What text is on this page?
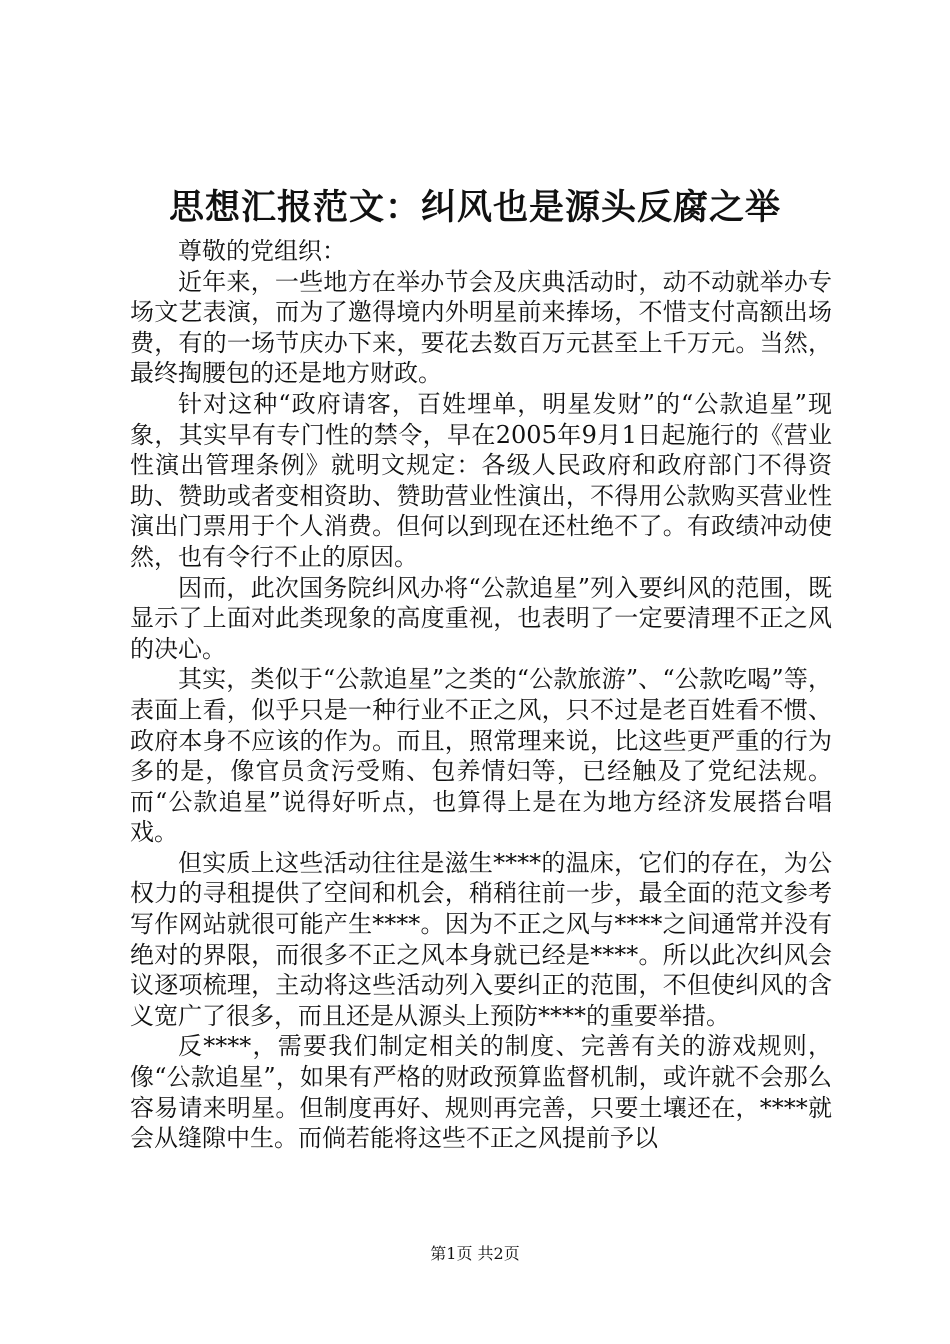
思想汇报范文：纠风也是源头反腐之举

尊敬的党组织：

近年来，一些地方在举办节会及庆典活动时，动不动就举办专场文艺表演，而为了邀得境内外明星前来捧场，不惜支付高额出场费，有的一场节庆办下来，要花去数百万元甚至上千万元。当然，最终掏腰包的还是地方财政。

针对这种“政府请客，百姓埋单，明星发财”的“公款追星”现象，其实早有专门性的禁令，早在2005年9月1日起施行的《营业性演出管理条例》就明文规定：各级人民政府和政府部门不得资助、赞助或者变相资助、赞助营业性演出，不得用公款购买营业性演出门票用于个人消费。但何以到现在还杜绝不了。有政绩冲动使然，也有令行不止的原因。

因而，此次国务院纠风办将“公款追星”列入要纠风的范围，既显示了上面对此类现象的高度重视，也表明了一定要清理不正之风的决心。

其实，类似于“公款追星”之类的“公款旅游”、“公款吃喝”等，表面上看，似乎只是一种行业不正之风，只不过是老百姓看不惯、政府本身不应该的作为。而且，照常理来说，比这些更严重的行为多的是，像官员贪污受贿、包养情妇等，已经触及了党纪法规。而“公款追星”说得好听点，也算得上是在为地方经济发展搭台唱戏。

但实质上这些活动往往是滋生****的温床，它们的存在，为公权力的寻租提供了空间和机会，稍稍往前一步，最全面的范文参考写作网站就很可能产生****。因为不正之风与****之间通常并没有绝对的界限，而很多不正之风本身就已经是****。所以此次纠风会议逐项梳理，主动将这些活动列入要纠正的范围，不但使纠风的含义宽广了很多，而且还是从源头上预防****的重要举措。

反****，需要我们制定相关的制度、完善有关的游戏规则，像“公款追星”，如果有严格的财政预算监督机制，或许就不会那么容易请来明星。但制度再好、规则再完善，只要土壤还在，****就会从缝隙中生。而倘若能将这些不正之风提前予以

第1页 共2页
